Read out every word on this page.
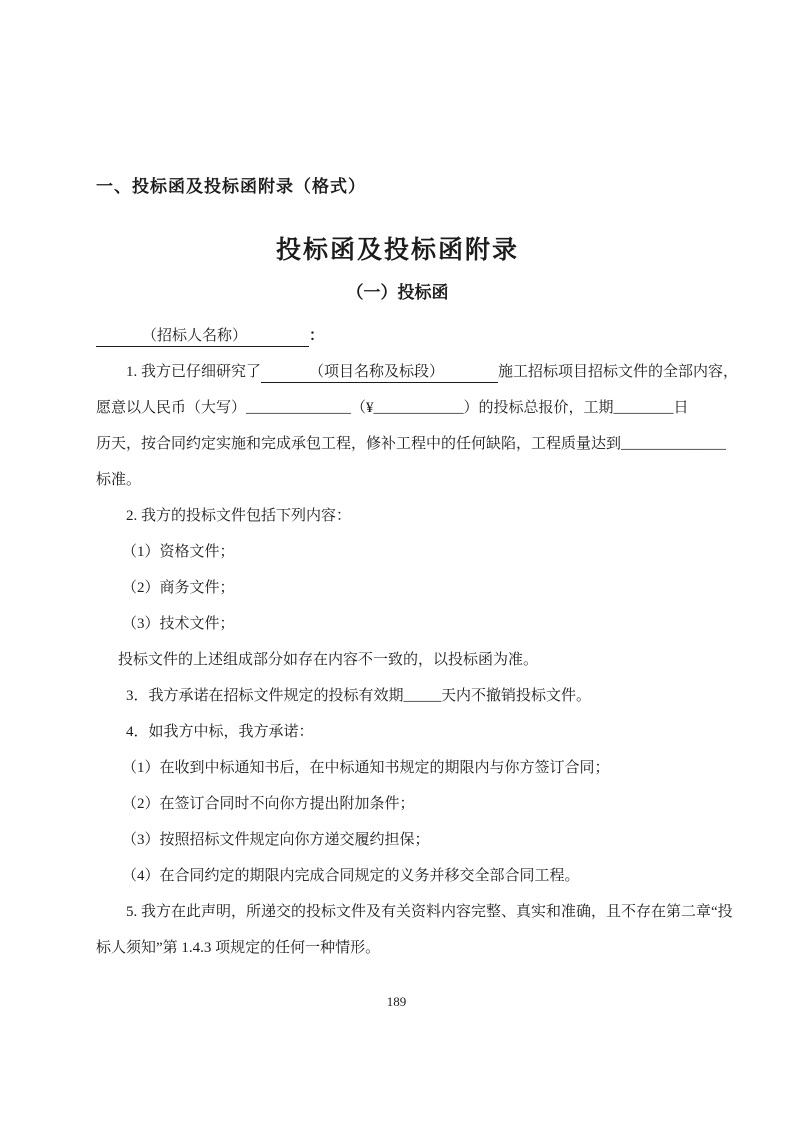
一、投标函及投标函附录（格式）
投标函及投标函附录
（一）投标函
（招标人名称）	：
1. 我方已仔细研究了	（项目名称及标段）	施工招标项目招标文件的全部内容，
愿意以人民币（大写）______________（¥____________）的投标总报价，工期________日
历天，按合同约定实施和完成承包工程，修补工程中的任何缺陷，工程质量达到______________
标准。
2. 我方的投标文件包括下列内容：
（1）资格文件；
（2）商务文件；
（3）技术文件；
投标文件的上述组成部分如存在内容不一致的，以投标函为准。
3．我方承诺在招标文件规定的投标有效期_____天内不撤销投标文件。
4．如我方中标，我方承诺：
（1）在收到中标通知书后，在中标通知书规定的期限内与你方签订合同；
（2）在签订合同时不向你方提出附加条件；
（3）按照招标文件规定向你方递交履约担保；
（4）在合同约定的期限内完成合同规定的义务并移交全部合同工程。
5. 我方在此声明，所递交的投标文件及有关资料内容完整、真实和准确，且不存在第二章“投
标人须知”第 1.4.3 项规定的任何一种情形。
189
